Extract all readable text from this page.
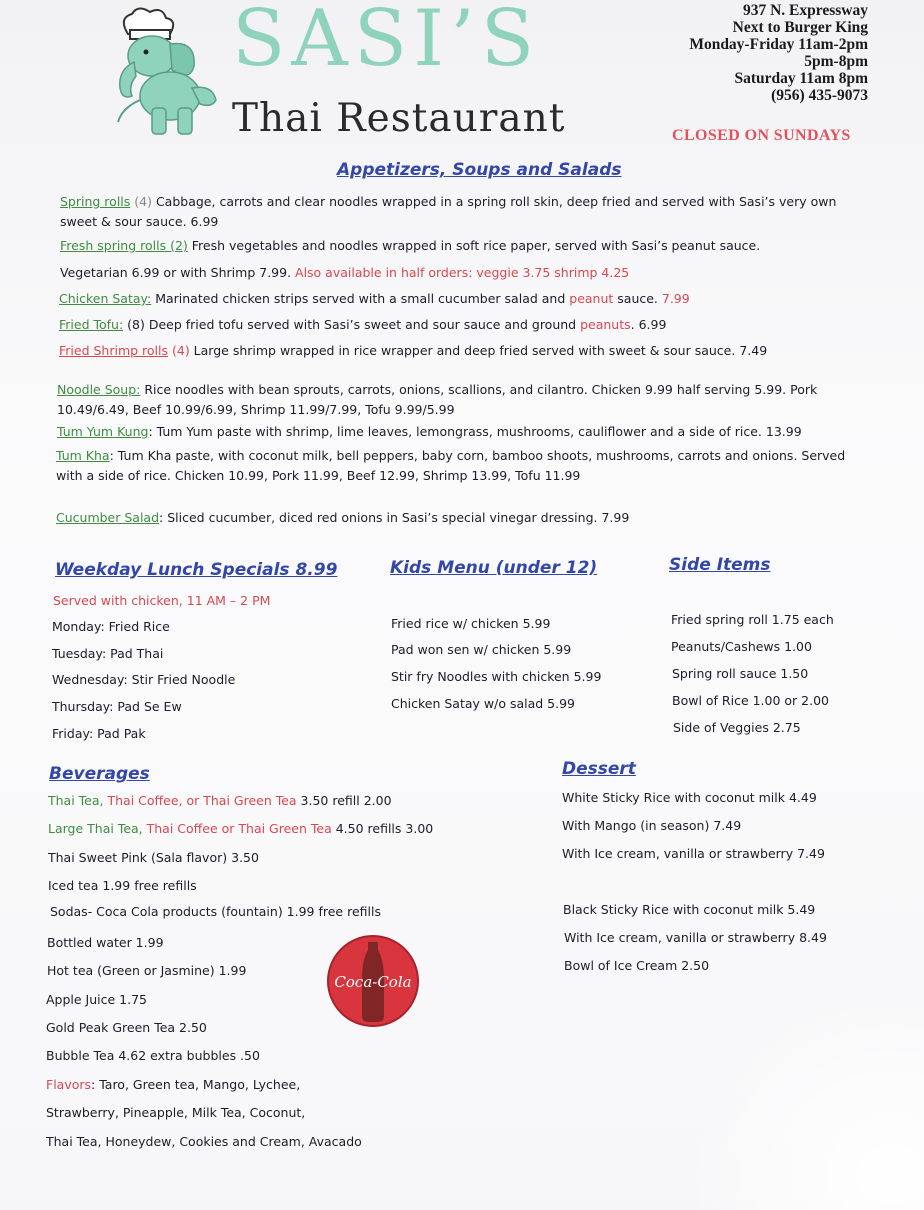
SASI’S
Thai Restaurant
937 N. Expressway
Next to Burger King
Monday-Friday 11am-2pm
5pm-8pm
Saturday 11am 8pm
(956) 435-9073
CLOSED ON SUNDAYS
Appetizers, Soups and Salads
Spring rolls (4) Cabbage, carrots and clear noodles wrapped in a spring roll skin, deep fried and served with Sasi’s very own sweet & sour sauce. 6.99
Fresh spring rolls (2) Fresh vegetables and noodles wrapped in soft rice paper, served with Sasi’s peanut sauce.
Vegetarian 6.99 or with Shrimp 7.99. Also available in half orders: veggie 3.75 shrimp 4.25
Chicken Satay: Marinated chicken strips served with a small cucumber salad and peanut sauce. 7.99
Fried Tofu: (8) Deep fried tofu served with Sasi’s sweet and sour sauce and ground peanuts. 6.99
Fried Shrimp rolls (4) Large shrimp wrapped in rice wrapper and deep fried served with sweet & sour sauce. 7.49
Noodle Soup: Rice noodles with bean sprouts, carrots, onions, scallions, and cilantro. Chicken 9.99 half serving 5.99. Pork 10.49/6.49, Beef 10.99/6.99, Shrimp 11.99/7.99, Tofu 9.99/5.99
Tum Yum Kung: Tum Yum paste with shrimp, lime leaves, lemongrass, mushrooms, cauliflower and a side of rice. 13.99
Tum Kha: Tum Kha paste, with coconut milk, bell peppers, baby corn, bamboo shoots, mushrooms, carrots and onions. Served with a side of rice. Chicken 10.99, Pork 11.99, Beef 12.99, Shrimp 13.99, Tofu 11.99
Cucumber Salad: Sliced cucumber, diced red onions in Sasi’s special vinegar dressing. 7.99
Weekday Lunch Specials 8.99
Served with chicken, 11 AM – 2 PM
Monday: Fried Rice
Tuesday: Pad Thai
Wednesday: Stir Fried Noodle
Thursday: Pad Se Ew
Friday: Pad Pak
Kids Menu (under 12)
Fried rice w/ chicken 5.99
Pad won sen w/ chicken 5.99
Stir fry Noodles with chicken 5.99
Chicken Satay w/o salad 5.99
Side Items
Fried spring roll 1.75 each
Peanuts/Cashews 1.00
Spring roll sauce 1.50
Bowl of Rice 1.00 or 2.00
Side of Veggies 2.75
Beverages
Thai Tea, Thai Coffee, or Thai Green Tea 3.50 refill 2.00
Large Thai Tea, Thai Coffee or Thai Green Tea 4.50 refills 3.00
Thai Sweet Pink (Sala flavor) 3.50
Iced tea 1.99 free refills
Sodas- Coca Cola products (fountain) 1.99 free refills
Bottled water 1.99
Hot tea (Green or Jasmine) 1.99
Apple Juice 1.75
Gold Peak Green Tea 2.50
Bubble Tea 4.62 extra bubbles .50
Flavors: Taro, Green tea, Mango, Lychee,
Strawberry, Pineapple, Milk Tea, Coconut,
Thai Tea, Honeydew, Cookies and Cream, Avacado
Coca-Cola
Dessert
White Sticky Rice with coconut milk 4.49
With Mango (in season) 7.49
With Ice cream, vanilla or strawberry 7.49
Black Sticky Rice with coconut milk 5.49
With Ice cream, vanilla or strawberry 8.49
Bowl of Ice Cream 2.50
